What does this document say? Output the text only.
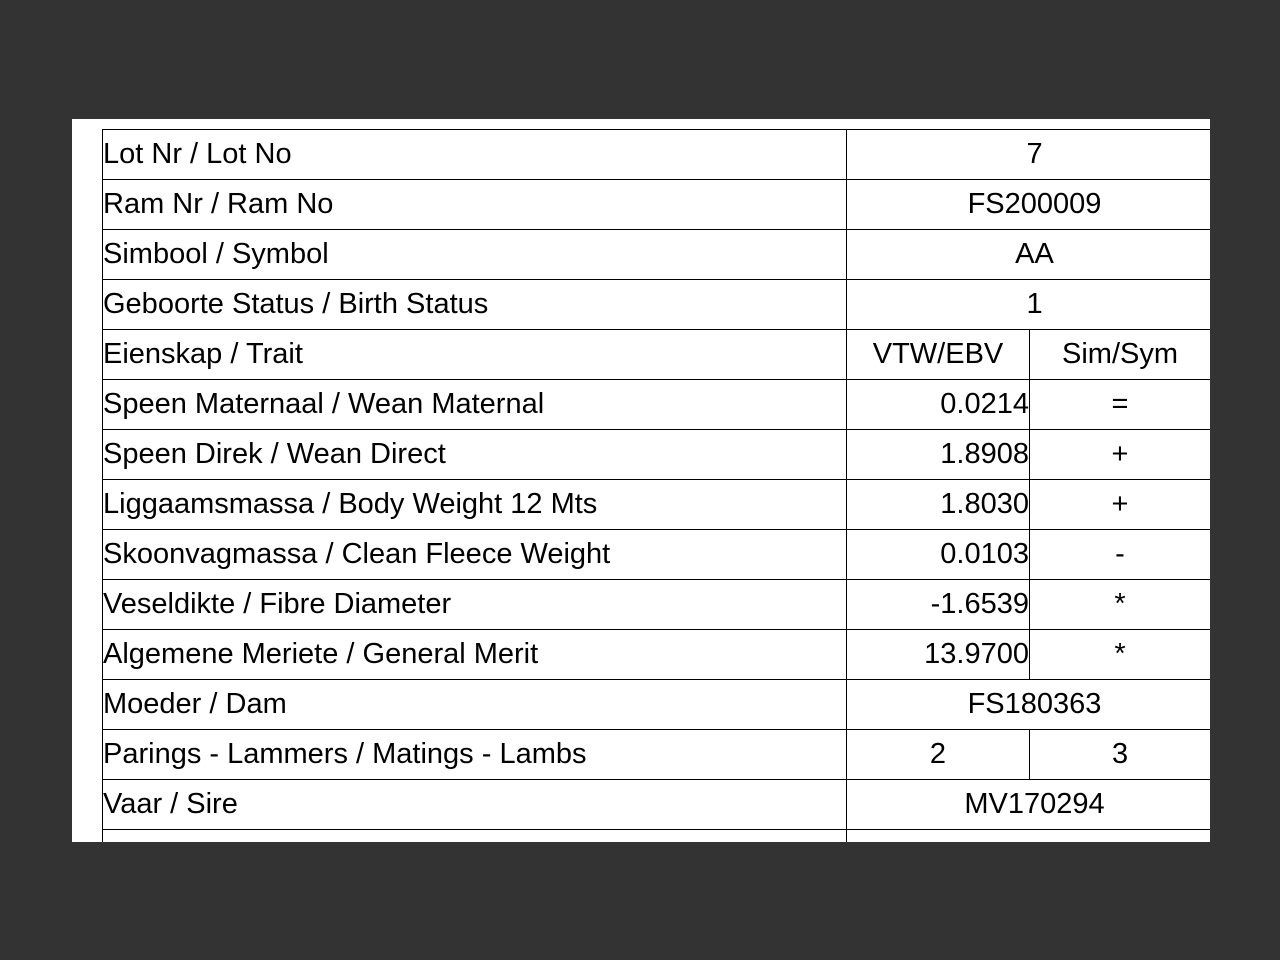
Lot Nr / Lot No	7	
Ram Nr / Ram No	FS200009	
Simbool / Symbol	AA	
Geboorte Status / Birth Status	1	
Eienskap / Trait	VTW/EBV	Sim/Sym
Speen Maternaal / Wean Maternal	0.0214	=
Speen Direk / Wean Direct	1.8908	+
Liggaamsmassa / Body Weight 12 Mts	1.8030	+
Skoonvagmassa / Clean Fleece Weight	0.0103	-
Veseldikte / Fibre Diameter	-1.6539	*
Algemene Meriete / General Merit	13.9700	*
Moeder / Dam	FS180363	
Parings - Lammers / Matings - Lambs	2	3
Vaar / Sire	MV170294	
